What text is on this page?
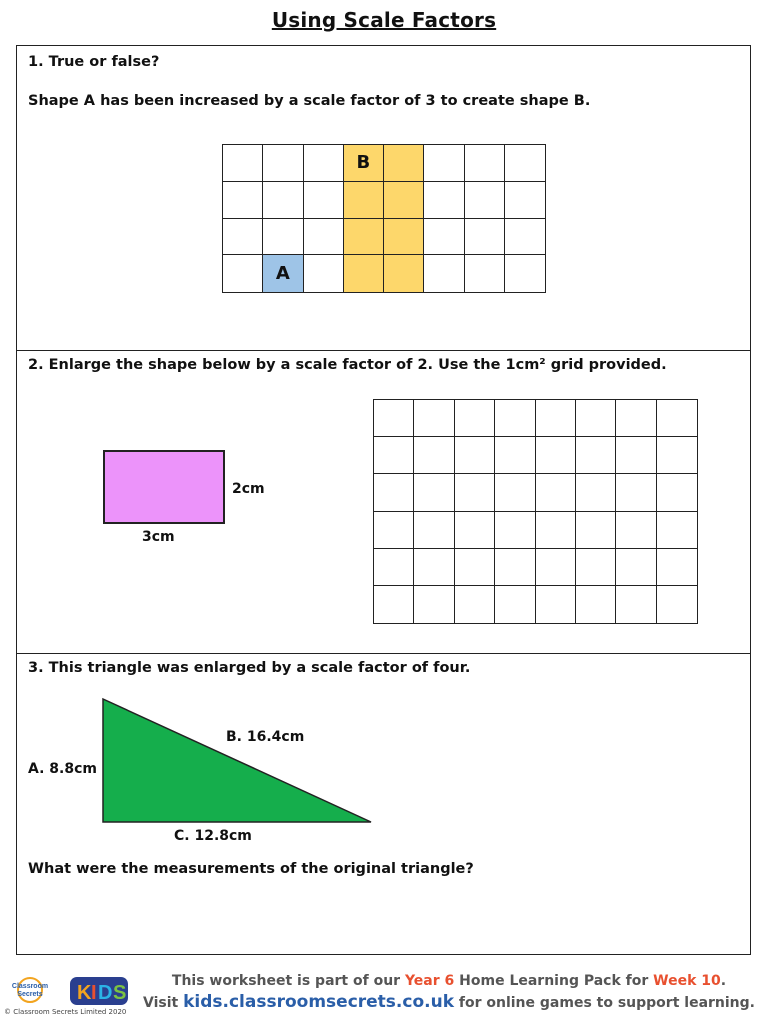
Using Scale Factors
1. True or false?
Shape A has been increased by a scale factor of 3 to create shape B.
B
A
2. Enlarge the shape below by a scale factor of 2. Use the 1cm² grid provided.
2cm
3cm
3. This triangle was enlarged by a scale factor of four.
A. 8.8cm
B. 16.4cm
C. 12.8cm
What were the measurements of the original triangle?
Classroom
Secrets K I D S
© Classroom Secrets Limited 2020
This worksheet is part of our Year 6 Home Learning Pack for Week 10.
Visit kids.classroomsecrets.co.uk for online games to support learning.
